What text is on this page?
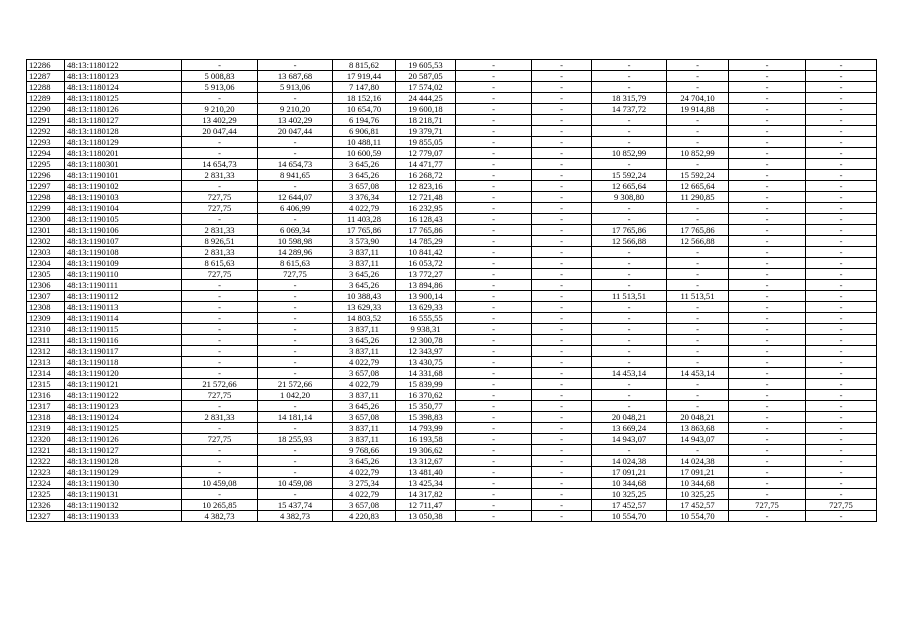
12286	48:13:1180122	-	-	8 815,62	19 605,53	-	-	-	-	-	-
12287	48:13:1180123	5 008,83	13 687,68	17 919,44	20 587,05	-	-	-	-	-	-
12288	48:13:1180124	5 913,06	5 913,06	7 147,80	17 574,02	-	-	-	-	-	-
12289	48:13:1180125	-	-	18 152,16	24 444,25	-	-	18 315,79	24 704,10	-	-
12290	48:13:1180126	9 210,20	9 210,20	10 654,70	19 600,18	-	-	14 737,72	19 914,88	-	-
12291	48:13:1180127	13 402,29	13 402,29	6 194,76	18 218,71	-	-	-	-	-	-
12292	48:13:1180128	20 047,44	20 047,44	6 906,81	19 379,71	-	-	-	-	-	-
12293	48:13:1180129	-	-	10 488,11	19 855,05	-	-	-	-	-	-
12294	48:13:1180201	-	-	10 600,59	12 779,07	-	-	10 852,99	10 852,99	-	-
12295	48:13:1180301	14 654,73	14 654,73	3 645,26	14 471,77	-	-	-	-	-	-
12296	48:13:1190101	2 831,33	8 941,65	3 645,26	16 268,72	-	-	15 592,24	15 592,24	-	-
12297	48:13:1190102	-	-	3 657,08	12 823,16	-	-	12 665,64	12 665,64	-	-
12298	48:13:1190103	727,75	12 644,07	3 376,34	12 721,48	-	-	9 308,80	11 290,85	-	-
12299	48:13:1190104	727,75	6 406,99	4 022,79	16 232,95	-	-	-	-	-	-
12300	48:13:1190105	-	-	11 403,28	16 128,43	-	-	-	-	-	-
12301	48:13:1190106	2 831,33	6 069,34	17 765,86	17 765,86	-	-	17 765,86	17 765,86	-	-
12302	48:13:1190107	8 926,51	10 598,98	3 573,90	14 785,29	-	-	12 566,88	12 566,88	-	-
12303	48:13:1190108	2 831,33	14 289,96	3 837,11	10 841,42	-	-	-	-	-	-
12304	48:13:1190109	8 615,63	8 615,63	3 837,11	16 053,72	-	-	-	-	-	-
12305	48:13:1190110	727,75	727,75	3 645,26	13 772,27	-	-	-	-	-	-
12306	48:13:1190111	-	-	3 645,26	13 894,86	-	-	-	-	-	-
12307	48:13:1190112	-	-	10 388,43	13 900,14	-	-	11 513,51	11 513,51	-	-
12308	48:13:1190113	-	-	13 629,33	13 629,33	-	-	-	-	-	-
12309	48:13:1190114	-	-	14 803,52	16 555,55	-	-	-	-	-	-
12310	48:13:1190115	-	-	3 837,11	9 938,31	-	-	-	-	-	-
12311	48:13:1190116	-	-	3 645,26	12 300,78	-	-	-	-	-	-
12312	48:13:1190117	-	-	3 837,11	12 343,97	-	-	-	-	-	-
12313	48:13:1190118	-	-	4 022,79	13 430,75	-	-	-	-	-	-
12314	48:13:1190120	-	-	3 657,08	14 331,68	-	-	14 453,14	14 453,14	-	-
12315	48:13:1190121	21 572,66	21 572,66	4 022,79	15 839,99	-	-	-	-	-	-
12316	48:13:1190122	727,75	1 042,20	3 837,11	16 370,62	-	-	-	-	-	-
12317	48:13:1190123	-	-	3 645,26	15 350,77	-	-	-	-	-	-
12318	48:13:1190124	2 831,33	14 181,14	3 657,08	15 398,83	-	-	20 048,21	20 048,21	-	-
12319	48:13:1190125	-	-	3 837,11	14 793,99	-	-	13 669,24	13 863,68	-	-
12320	48:13:1190126	727,75	18 255,93	3 837,11	16 193,58	-	-	14 943,07	14 943,07	-	-
12321	48:13:1190127	-	-	9 768,66	19 306,62	-	-	-	-	-	-
12322	48:13:1190128	-	-	3 645,26	13 312,67	-	-	14 024,38	14 024,38	-	-
12323	48:13:1190129	-	-	4 022,79	13 481,40	-	-	17 091,21	17 091,21	-	-
12324	48:13:1190130	10 459,08	10 459,08	3 275,34	13 425,34	-	-	10 344,68	10 344,68	-	-
12325	48:13:1190131	-	-	4 022,79	14 317,82	-	-	10 325,25	10 325,25	-	-
12326	48:13:1190132	10 265,85	15 437,74	3 657,08	12 711,47	-	-	17 452,57	17 452,57	727,75	727,75
12327	48:13:1190133	4 382,73	4 382,73	4 220,83	13 050,38	-	-	10 554,70	10 554,70	-	-
